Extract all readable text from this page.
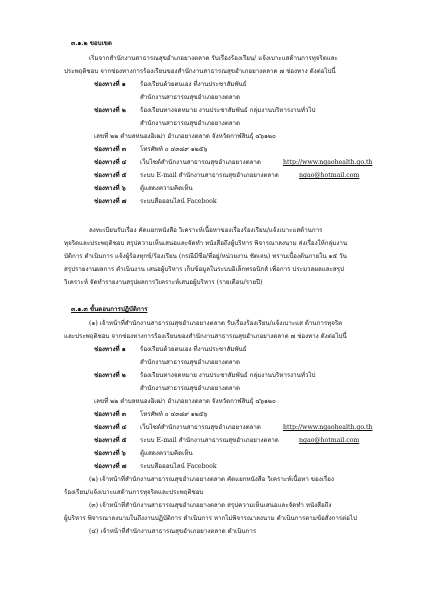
๓.๑.๒ ขอบเขต
เริ่มจากสำนักงานสาธารณสุขอำเภอยางตลาด รับเรื่องร้องเรียน/ แจ้งเบาะแสด้านการทุจริตและ
ประพฤติชอบ จากช่องทางการร้องเรียนของสำนักงานสาธารณสุขอำเภอยางตลาด ๗ ช่องทาง ดังต่อไปนี้
ช่องทางที่ ๑ ร้องเรียนด้วยตนเอง ที่งานประชาสัมพันธ์
สำนักงานสาธารณสุขอำเภอยางตลาด
ช่องทางที่ ๒ ร้องเรียนทางจดหมาย งานประชาสัมพันธ์ กลุ่มงานบริหารงานทั่วไป
สำนักงานสาธารณสุขอำเภอยางตลาด
เลขที่ ๒๒ ตำบลหนองอิเฒ่า อำเภอยางตลาด จังหวัดกาฬสินธุ์ ๔๖๑๒๐
ช่องทางที่ ๓ โทรศัพท์ ๐ ๔๓๘๙ ๑๒๕๖
ช่องทางที่ ๔ เว็บไซต์สำนักงานสาธารณสุขอำเภอยางตลาด	http://www.ngaohealth.go.th
ช่องทางที่ ๕ ระบบ E-mail สำนักงานสาธารณสุขอำเภอยางตลาด	ngao@hotmail.com
ช่องทางที่ ๖ ตู้แสดงความคิดเห็น
ช่องทางที่ ๗ ระบบสื่อออนไลน์ Facebook
ลงทะเบียนรับเรื่อง คัดแยกหนังสือ วิเคราะห์เนื้อหาของเรื่องร้องเรียน/แจ้งเบาะแสด้านการ
ทุจริตและประพฤติชอบ สรุปความเห็นเสนอและจัดทำ หนังสือถึงผู้บริหาร พิจารณาลงนาม ส่งเรื่องให้กลุ่มงาน
บัติการ ดำเนินการ แจ้งผู้ร้องทุกข์/ร้องเรียน (กรณีมีชื่อ/ที่อยู่/หน่วยงาน ชัดเจน) ทราบเบื้องต้นภายใน ๑๕ วัน
สรุปรายงานผลการ ดำเนินงาน เสนอผู้บริหาร เก็บข้อมูลในระบบอิเล็กทรอนิกส์ เพื่อการ ประมวลผลและสรุป
วิเคราะห์ จัดทำรายงานสรุปผลการวิเคราะห์เสนอผู้บริหาร (รายเดือน/รายปี)
๓.๑.๓ ขั้นตอนการปฏิบัติการ
(๑) เจ้าหน้าที่สำนักงานสาธารณสุขอำเภอยางตลาด รับเรื่องร้องเรียน/แจ้งเบาะแส ด้านการทุจริต
และประพฤติชอบ จากช่องทางการร้องเรียนของสำนักงานสาธารณสุขอำเภอยางตลาด ๗ ช่องทาง ดังต่อไปนี้
ช่องทางที่ ๑ ร้องเรียนด้วยตนเอง ที่งานประชาสัมพันธ์
สำนักงานสาธารณสุขอำเภอยางตลาด
ช่องทางที่ ๒ ร้องเรียนทางจดหมาย งานประชาสัมพันธ์ กลุ่มงานบริหารงานทั่วไป
สำนักงานสาธารณสุขอำเภอยางตลาด
เลขที่ ๒๒ ตำบลหนองอิเฒ่า อำเภอยางตลาด จังหวัดกาฬสินธุ์ ๔๖๑๒๐
ช่องทางที่ ๓ โทรศัพท์ ๐ ๔๓๘๙ ๑๒๕๖
ช่องทางที่ ๔ เว็บไซต์สำนักงานสาธารณสุขอำเภอยางตลาด	http://www.ngaohealth.go.th
ช่องทางที่ ๕ ระบบ E-mail สำนักงานสาธารณสุขอำเภอยางตลาด	ngao@hotmail.com
ช่องทางที่ ๖ ตู้แสดงความคิดเห็น
ช่องทางที่ ๗ ระบบสื่อออนไลน์ Facebook
(๒) เจ้าหน้าที่สำนักงานสาธารณสุขอำเภอยางตลาด คัดแยกหนังสือ วิเคราะห์เนื้อหา ของเรื่อง
ร้องเรียน/แจ้งเบาะแสด้านการทุจริตและประพฤติชอบ
(๓) เจ้าหน้าที่สำนักงานสาธารณสุขอำเภอยางตลาด สรุปความเห็นเสนอและจัดทำ หนังสือถึง
ผู้บริหาร พิจารณาลงนามในถึงงานปฏิบัติการ ดำเนินการ หากไม่พิจารณาลงนาม ดำเนินการตามข้อสั่งการต่อไป
(๔) เจ้าหน้าที่สำนักงานสาธารณสุขอำเภอยางตลาด ดำเนินการ
